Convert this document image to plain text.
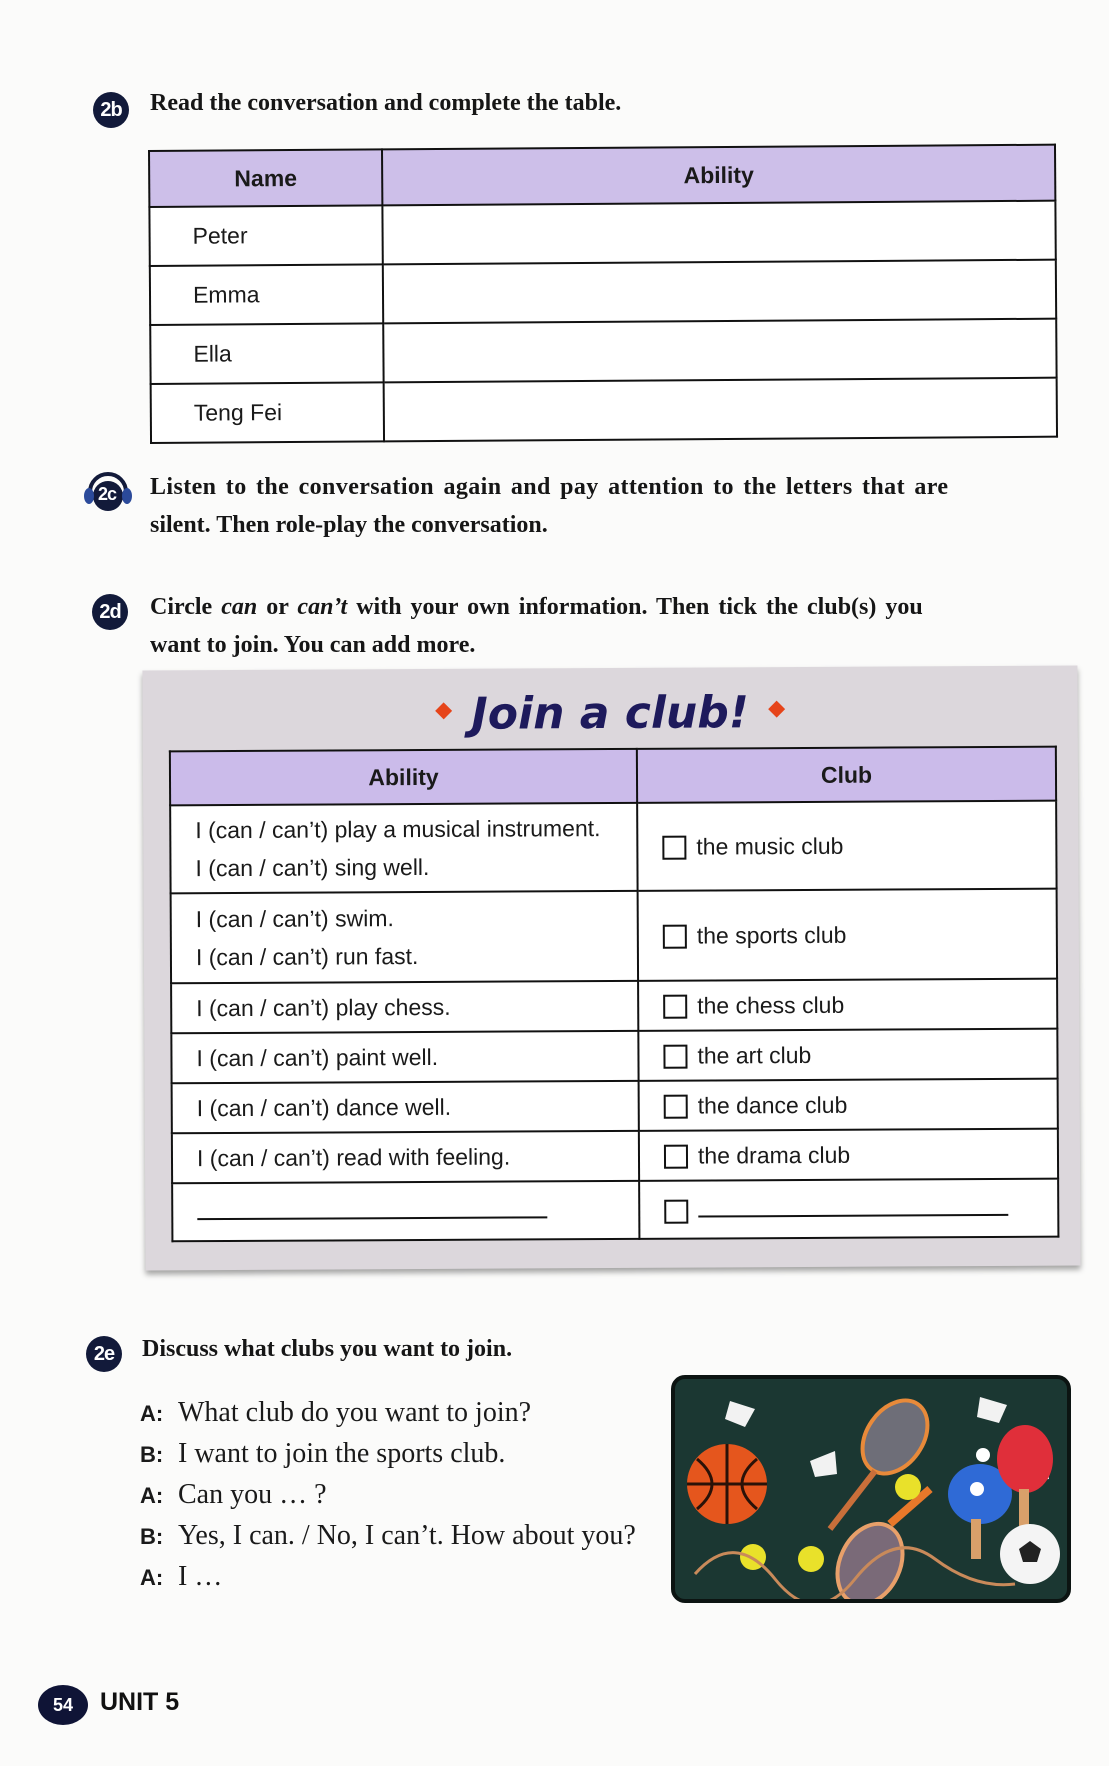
2b	Read the conversation and complete the table.
Name	Ability
Peter	
Emma	
Ella	
Teng Fei	
2c Listen to the conversation again and pay attention to the letters that are
silent. Then role-play the conversation.
2d	Circle can or can’t with your own information. Then tick the club(s) you
want to join. You can add more.
Join a club!
Ability	Club

I (can / can’t) play a musical instrument.
I (can / can’t) sing well.	the music club

I (can / can’t) swim.
I (can / can’t) run fast.	the sports club

I (can / can’t) play chess.	the chess club

I (can / can’t) paint well.	the art club

I (can / can’t) dance well.	the dance club

I (can / can’t) read with feeling.	the drama club

2e	Discuss what clubs you want to join.
A: What club do you want to join?
B: I want to join the sports club.
A: Can you … ?
B: Yes, I can. / No, I can’t. How about you?
A: I …
54	UNIT 5
